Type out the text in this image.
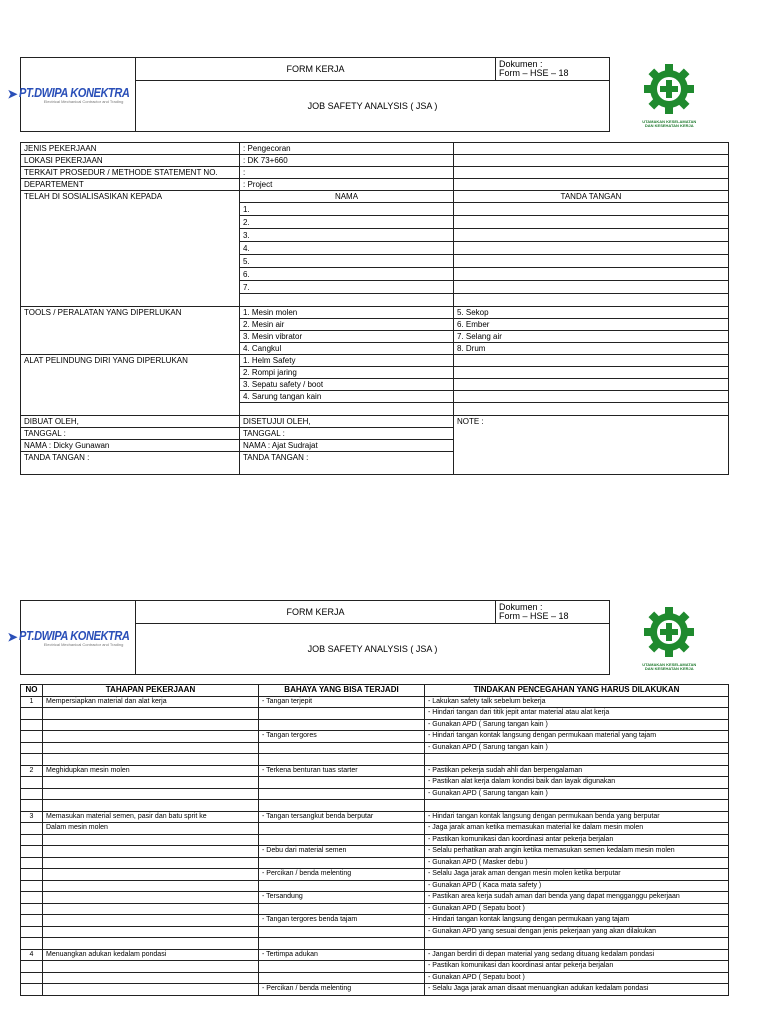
➤ PT.DWIPA KONEKTRA
Electrical Mechanical Contractor and Trading
	FORM KERJA	Dokumen :
Form – HSE – 18

UTAMAKAN KESELAMATAN
DAN KESEHATAN KERJA

JOB SAFETY ANALYSIS ( JSA )
JENIS PEKERJAAN	: Pengecoran	
LOKASI PEKERJAAN	: DK 73+660	
TERKAIT PROSEDUR / METHODE STATEMENT NO.	:	
DEPARTEMENT	: Project	
TELAH DI SOSIALISASIKAN KEPADA	NAMA	TANDA TANGAN
	1.	
	2.	
	3.	
	4.	
	5.	
	6.	
	7.	

TOOLS / PERALATAN YANG DIPERLUKAN	1. Mesin molen	5. Sekop
	2. Mesin air	6. Ember
	3. Mesin vibrator	7. Selang air
	4. Cangkul	8. Drum
ALAT PELINDUNG DIRI YANG DIPERLUKAN	1. Helm Safety	
	2. Rompi jaring	
	3. Sepatu safety / boot	
	4. Sarung tangan kain	

DIBUAT OLEH,	DISETUJUI OLEH,	NOTE :
TANGGAL :	TANGGAL :	
NAMA : Dicky Gunawan	NAMA : Ajat Sudrajat	
TANDA TANGAN :	TANDA TANGAN :	
➤ PT.DWIPA KONEKTRA
Electrical Mechanical Contractor and Trading
	FORM KERJA	Dokumen :
Form – HSE – 18

UTAMAKAN KESELAMATAN
DAN KESEHATAN KERJA

JOB SAFETY ANALYSIS ( JSA )
NO	TAHAPAN PEKERJAAN	BAHAYA YANG BISA TERJADI	TINDAKAN PENCEGAHAN YANG HARUS DILAKUKAN
1	Mempersiapkan material dan alat kerja	- Tangan terjepit	- Lakukan safety talk sebelum bekerja
			- Hindari tangan dari titik jepit antar material atau alat kerja
			- Gunakan APD ( Sarung tangan kain )
		- Tangan tergores	- Hindari tangan kontak langsung dengan permukaan material yang tajam
			- Gunakan APD ( Sarung tangan kain )

2	Meghidupkan mesin molen	- Terkena benturan tuas starter	- Pastikan pekerja sudah ahli dan berpengalaman
			- Pastikan alat kerja dalam kondisi baik dan layak digunakan
			- Gunakan APD ( Sarung tangan kain )

3	Memasukan material semen, pasir dan batu sprit ke	- Tangan tersangkut benda berputar	- Hindari tangan kontak langsung dengan permukaan benda yang berputar
	Dalam mesin molen		- Jaga jarak aman ketika memasukan material ke dalam mesin molen
			- Pastikan komunikasi dan koordinasi antar pekerja berjalan
		- Debu dari material semen	- Selalu perhatikan arah angin ketika memasukan semen kedalam mesin molen
			- Gunakan APD ( Masker debu )
		- Percikan / benda melenting	- Selalu Jaga jarak aman dengan mesin molen ketika berputar
			- Gunakan APD ( Kaca mata safety )
		- Tersandung	- Pastikan area kerja sudah aman dari benda yang dapat mengganggu pekerjaan
			- Gunakan APD ( Sepatu boot )
		- Tangan tergores benda tajam	- Hindari tangan kontak langsung dengan permukaan yang tajam
			- Gunakan APD yang sesuai dengan jenis pekerjaan yang akan dilakukan

4	Menuangkan adukan kedalam pondasi	- Tertimpa adukan	- Jangan berdiri di depan material yang sedang dituang kedalam pondasi
			- Pastikan komunikasi dan koordinasi antar pekerja berjalan
			- Gunakan APD ( Sepatu boot )
		- Percikan / benda melenting	- Selalu Jaga jarak aman disaat menuangkan adukan kedalam pondasi
